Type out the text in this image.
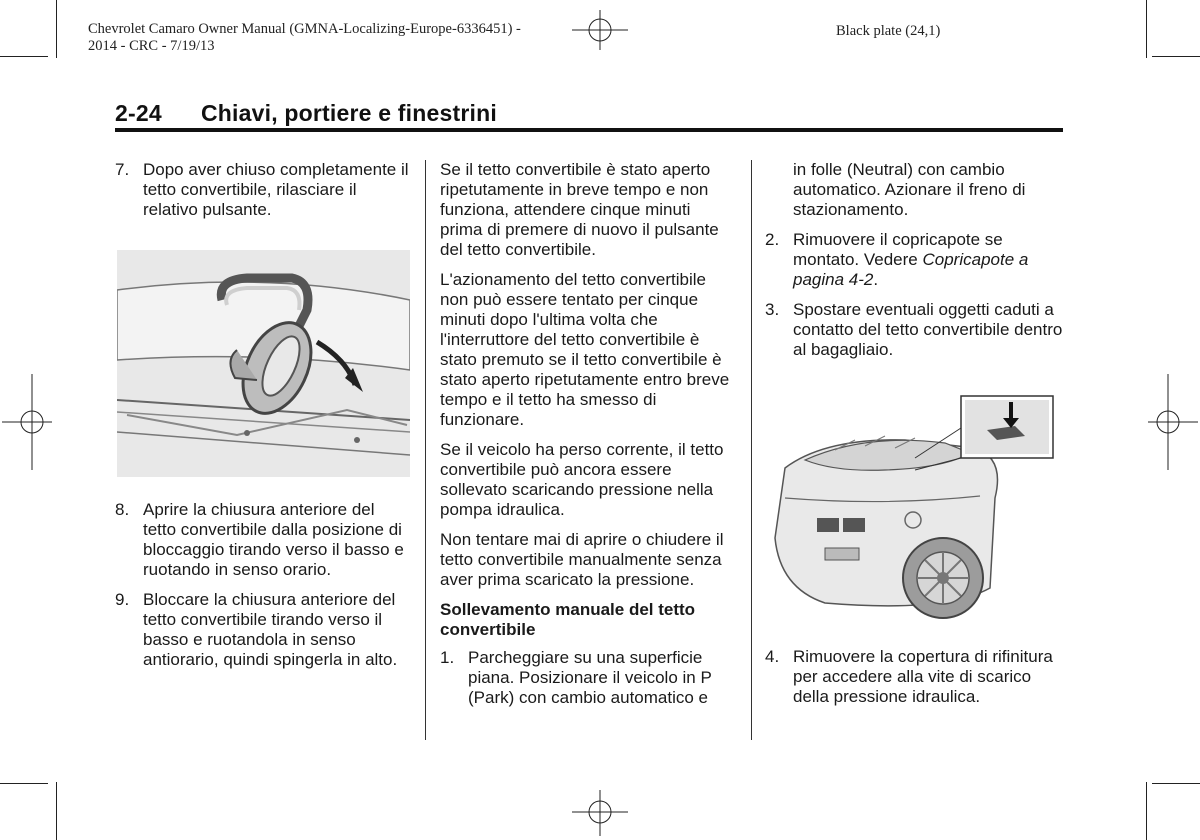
Chevrolet Camaro Owner Manual (GMNA-Localizing-Europe-6336451) -
2014 - CRC - 7/19/13
Black plate (24,1)
2-24 Chiavi, portiere e finestrini
7. Dopo aver chiuso completamente il tetto convertibile, rilasciare il relativo pulsante.
8. Aprire la chiusura anteriore del tetto convertibile dalla posizione di bloccaggio tirando verso il basso e ruotando in senso orario.
9. Bloccare la chiusura anteriore del tetto convertibile tirando verso il basso e ruotandola in senso antiorario, quindi spingerla in alto.

Se il tetto convertibile è stato aperto ripetutamente in breve tempo e non funziona, attendere cinque minuti prima di premere di nuovo il pulsante del tetto convertibile.

L'azionamento del tetto convertibile non può essere tentato per cinque minuti dopo l'ultima volta che l'interruttore del tetto convertibile è stato premuto se il tetto convertibile è stato aperto ripetutamente entro breve tempo e il tetto ha smesso di funzionare.

Se il veicolo ha perso corrente, il tetto convertibile può ancora essere sollevato scaricando pressione nella pompa idraulica.

Non tentare mai di aprire o chiudere il tetto convertibile manualmente senza aver prima scaricato la pressione.

Sollevamento manuale del tetto convertibile
1. Parcheggiare su una superficie piana. Posizionare il veicolo in P (Park) con cambio automatico e
in folle (Neutral) con cambio automatico. Azionare il freno di stazionamento.
2. Rimuovere il copricapote se montato. Vedere Copricapote a pagina 4-2.
3. Spostare eventuali oggetti caduti a contatto del tetto convertibile dentro al bagagliaio.
4. Rimuovere la copertura di rifinitura per accedere alla vite di scarico della pressione idraulica.
